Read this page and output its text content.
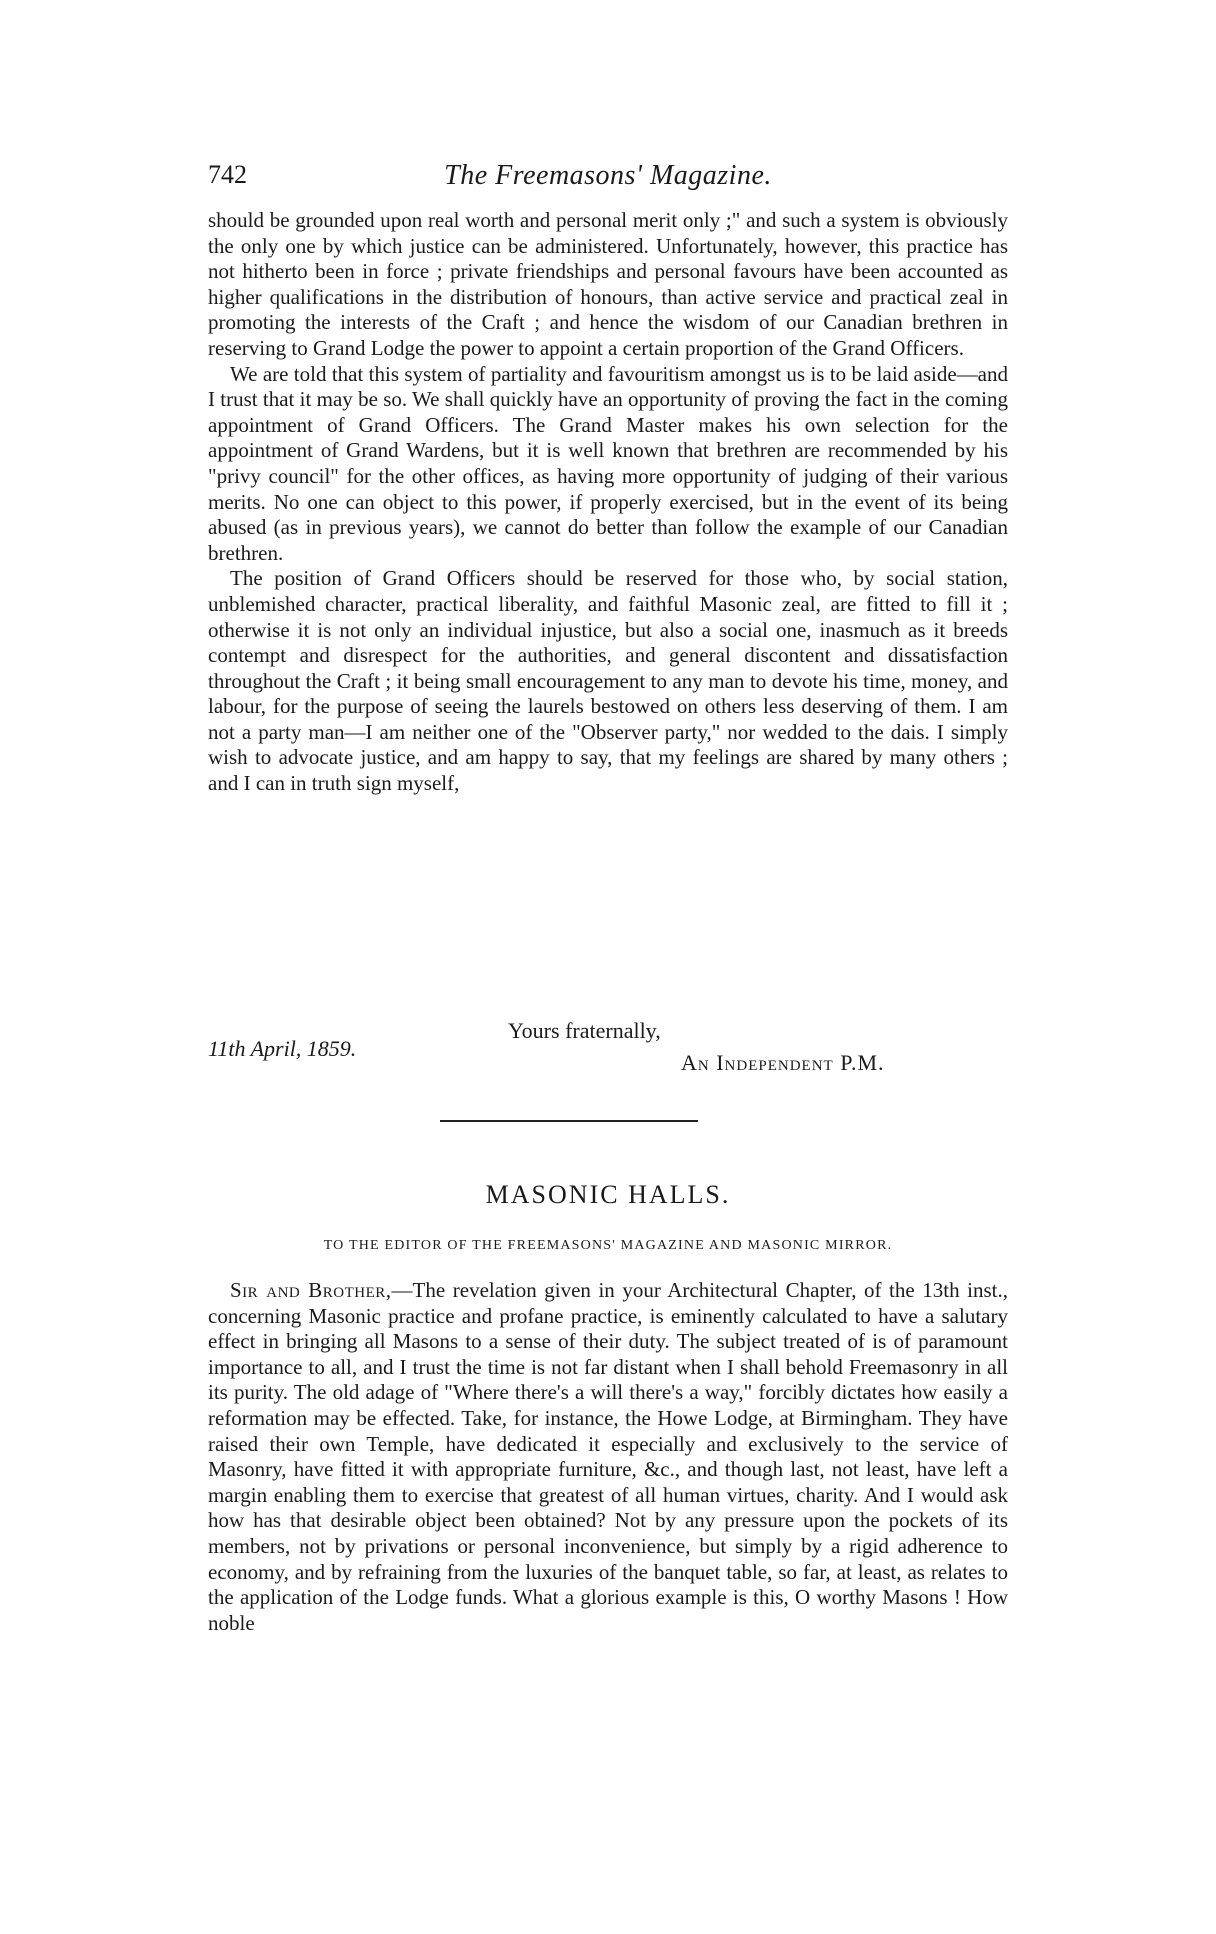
742	The Freemasons' Magazine.

should be grounded upon real worth and personal merit only ;" and such a system is obviously the only one by which justice can be administered. Unfortunately, however, this practice has not hitherto been in force ; private friendships and personal favours have been accounted as higher qualifications in the distribution of honours, than active service and practical zeal in promoting the interests of the Craft ; and hence the wisdom of our Canadian brethren in reserving to Grand Lodge the power to appoint a certain proportion of the Grand Officers.

We are told that this system of partiality and favouritism amongst us is to be laid aside—and I trust that it may be so. We shall quickly have an opportunity of proving the fact in the coming appointment of Grand Officers. The Grand Master makes his own selection for the appointment of Grand Wardens, but it is well known that brethren are recommended by his "privy council" for the other offices, as having more opportunity of judging of their various merits. No one can object to this power, if properly exercised, but in the event of its being abused (as in previous years), we cannot do better than follow the example of our Canadian brethren.

The position of Grand Officers should be reserved for those who, by social station, unblemished character, practical liberality, and faithful Masonic zeal, are fitted to fill it ; otherwise it is not only an individual injustice, but also a social one, inasmuch as it breeds contempt and disrespect for the authorities, and general discontent and dissatisfaction throughout the Craft ; it being small encouragement to any man to devote his time, money, and labour, for the purpose of seeing the laurels bestowed on others less deserving of them. I am not a party man—I am neither one of the "Observer party," nor wedded to the dais. I simply wish to advocate justice, and am happy to say, that my feelings are shared by many others ; and I can in truth sign myself,

Yours fraternally,
11th April, 1859.
An Independent P.M.
MASONIC HALLS.
TO THE EDITOR OF THE FREEMASONS' MAGAZINE AND MASONIC MIRROR.

Sir and Brother,—The revelation given in your Architectural Chapter, of the 13th inst., concerning Masonic practice and profane practice, is eminently calculated to have a salutary effect in bringing all Masons to a sense of their duty. The subject treated of is of paramount importance to all, and I trust the time is not far distant when I shall behold Freemasonry in all its purity. The old adage of "Where there's a will there's a way," forcibly dictates how easily a reformation may be effected. Take, for instance, the Howe Lodge, at Birmingham. They have raised their own Temple, have dedicated it especially and exclusively to the service of Masonry, have fitted it with appropriate furniture, &c., and though last, not least, have left a margin enabling them to exercise that greatest of all human virtues, charity. And I would ask how has that desirable object been obtained? Not by any pressure upon the pockets of its members, not by privations or personal inconvenience, but simply by a rigid adherence to economy, and by refraining from the luxuries of the banquet table, so far, at least, as relates to the application of the Lodge funds. What a glorious example is this, O worthy Masons ! How noble
